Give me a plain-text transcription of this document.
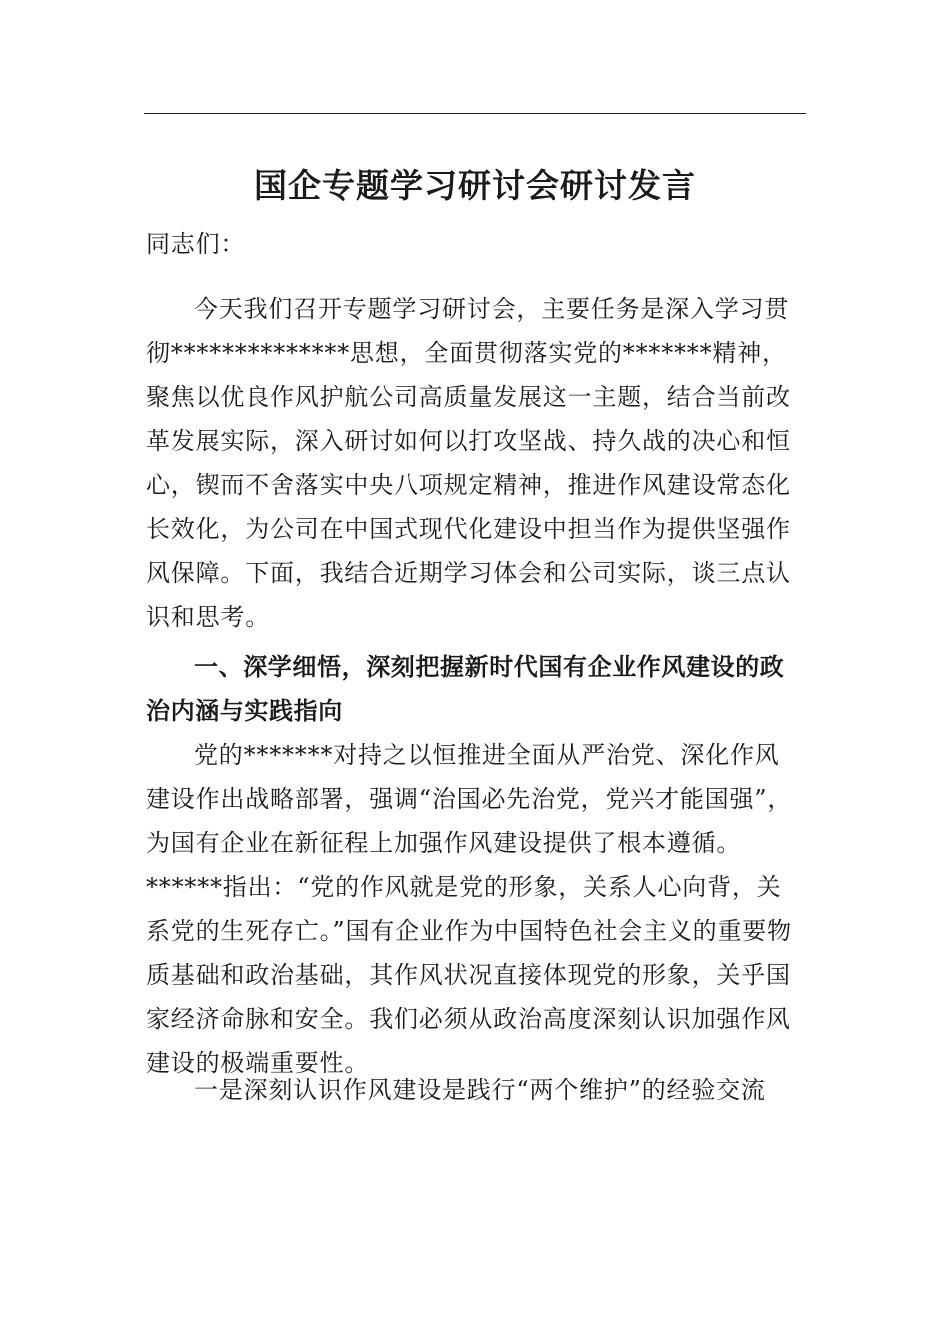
国企专题学习研讨会研讨发言

同志们：

今天我们召开专题学习研讨会，主要任务是深入学习贯彻**************思想，全面贯彻落实党的*******精神，聚焦以优良作风护航公司高质量发展这一主题，结合当前改革发展实际，深入研讨如何以打攻坚战、持久战的决心和恒心，锲而不舍落实中央八项规定精神，推进作风建设常态化长效化，为公司在中国式现代化建设中担当作为提供坚强作风保障。下面，我结合近期学习体会和公司实际，谈三点认识和思考。

一、深学细悟，深刻把握新时代国有企业作风建设的政治内涵与实践指向

党的*******对持之以恒推进全面从严治党、深化作风建设作出战略部署，强调“治国必先治党，党兴才能国强”，为国有企业在新征程上加强作风建设提供了根本遵循。******指出：“党的作风就是党的形象，关系人心向背，关系党的生死存亡。”国有企业作为中国特色社会主义的重要物质基础和政治基础，其作风状况直接体现党的形象，关乎国家经济命脉和安全。我们必须从政治高度深刻认识加强作风建设的极端重要性。

一是深刻认识作风建设是践行“两个维护”的经验交流
